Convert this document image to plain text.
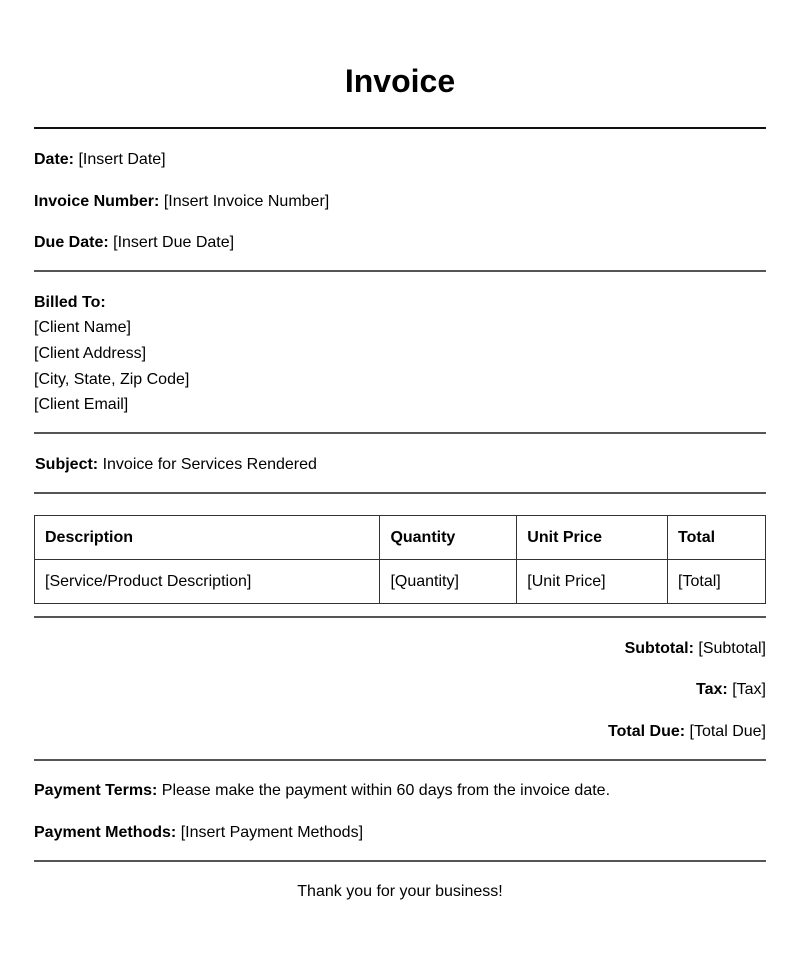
Invoice
Date: [Insert Date]
Invoice Number: [Insert Invoice Number]
Due Date: [Insert Due Date]
Billed To:
[Client Name]
[Client Address]
[City, State, Zip Code]
[Client Email]
Subject: Invoice for Services Rendered
Description	Quantity	Unit Price	Total
[Service/Product Description]	[Quantity]	[Unit Price]	[Total]
Subtotal: [Subtotal]
Tax: [Tax]
Total Due: [Total Due]
Payment Terms: Please make the payment within 60 days from the invoice date.
Payment Methods: [Insert Payment Methods]
Thank you for your business!
